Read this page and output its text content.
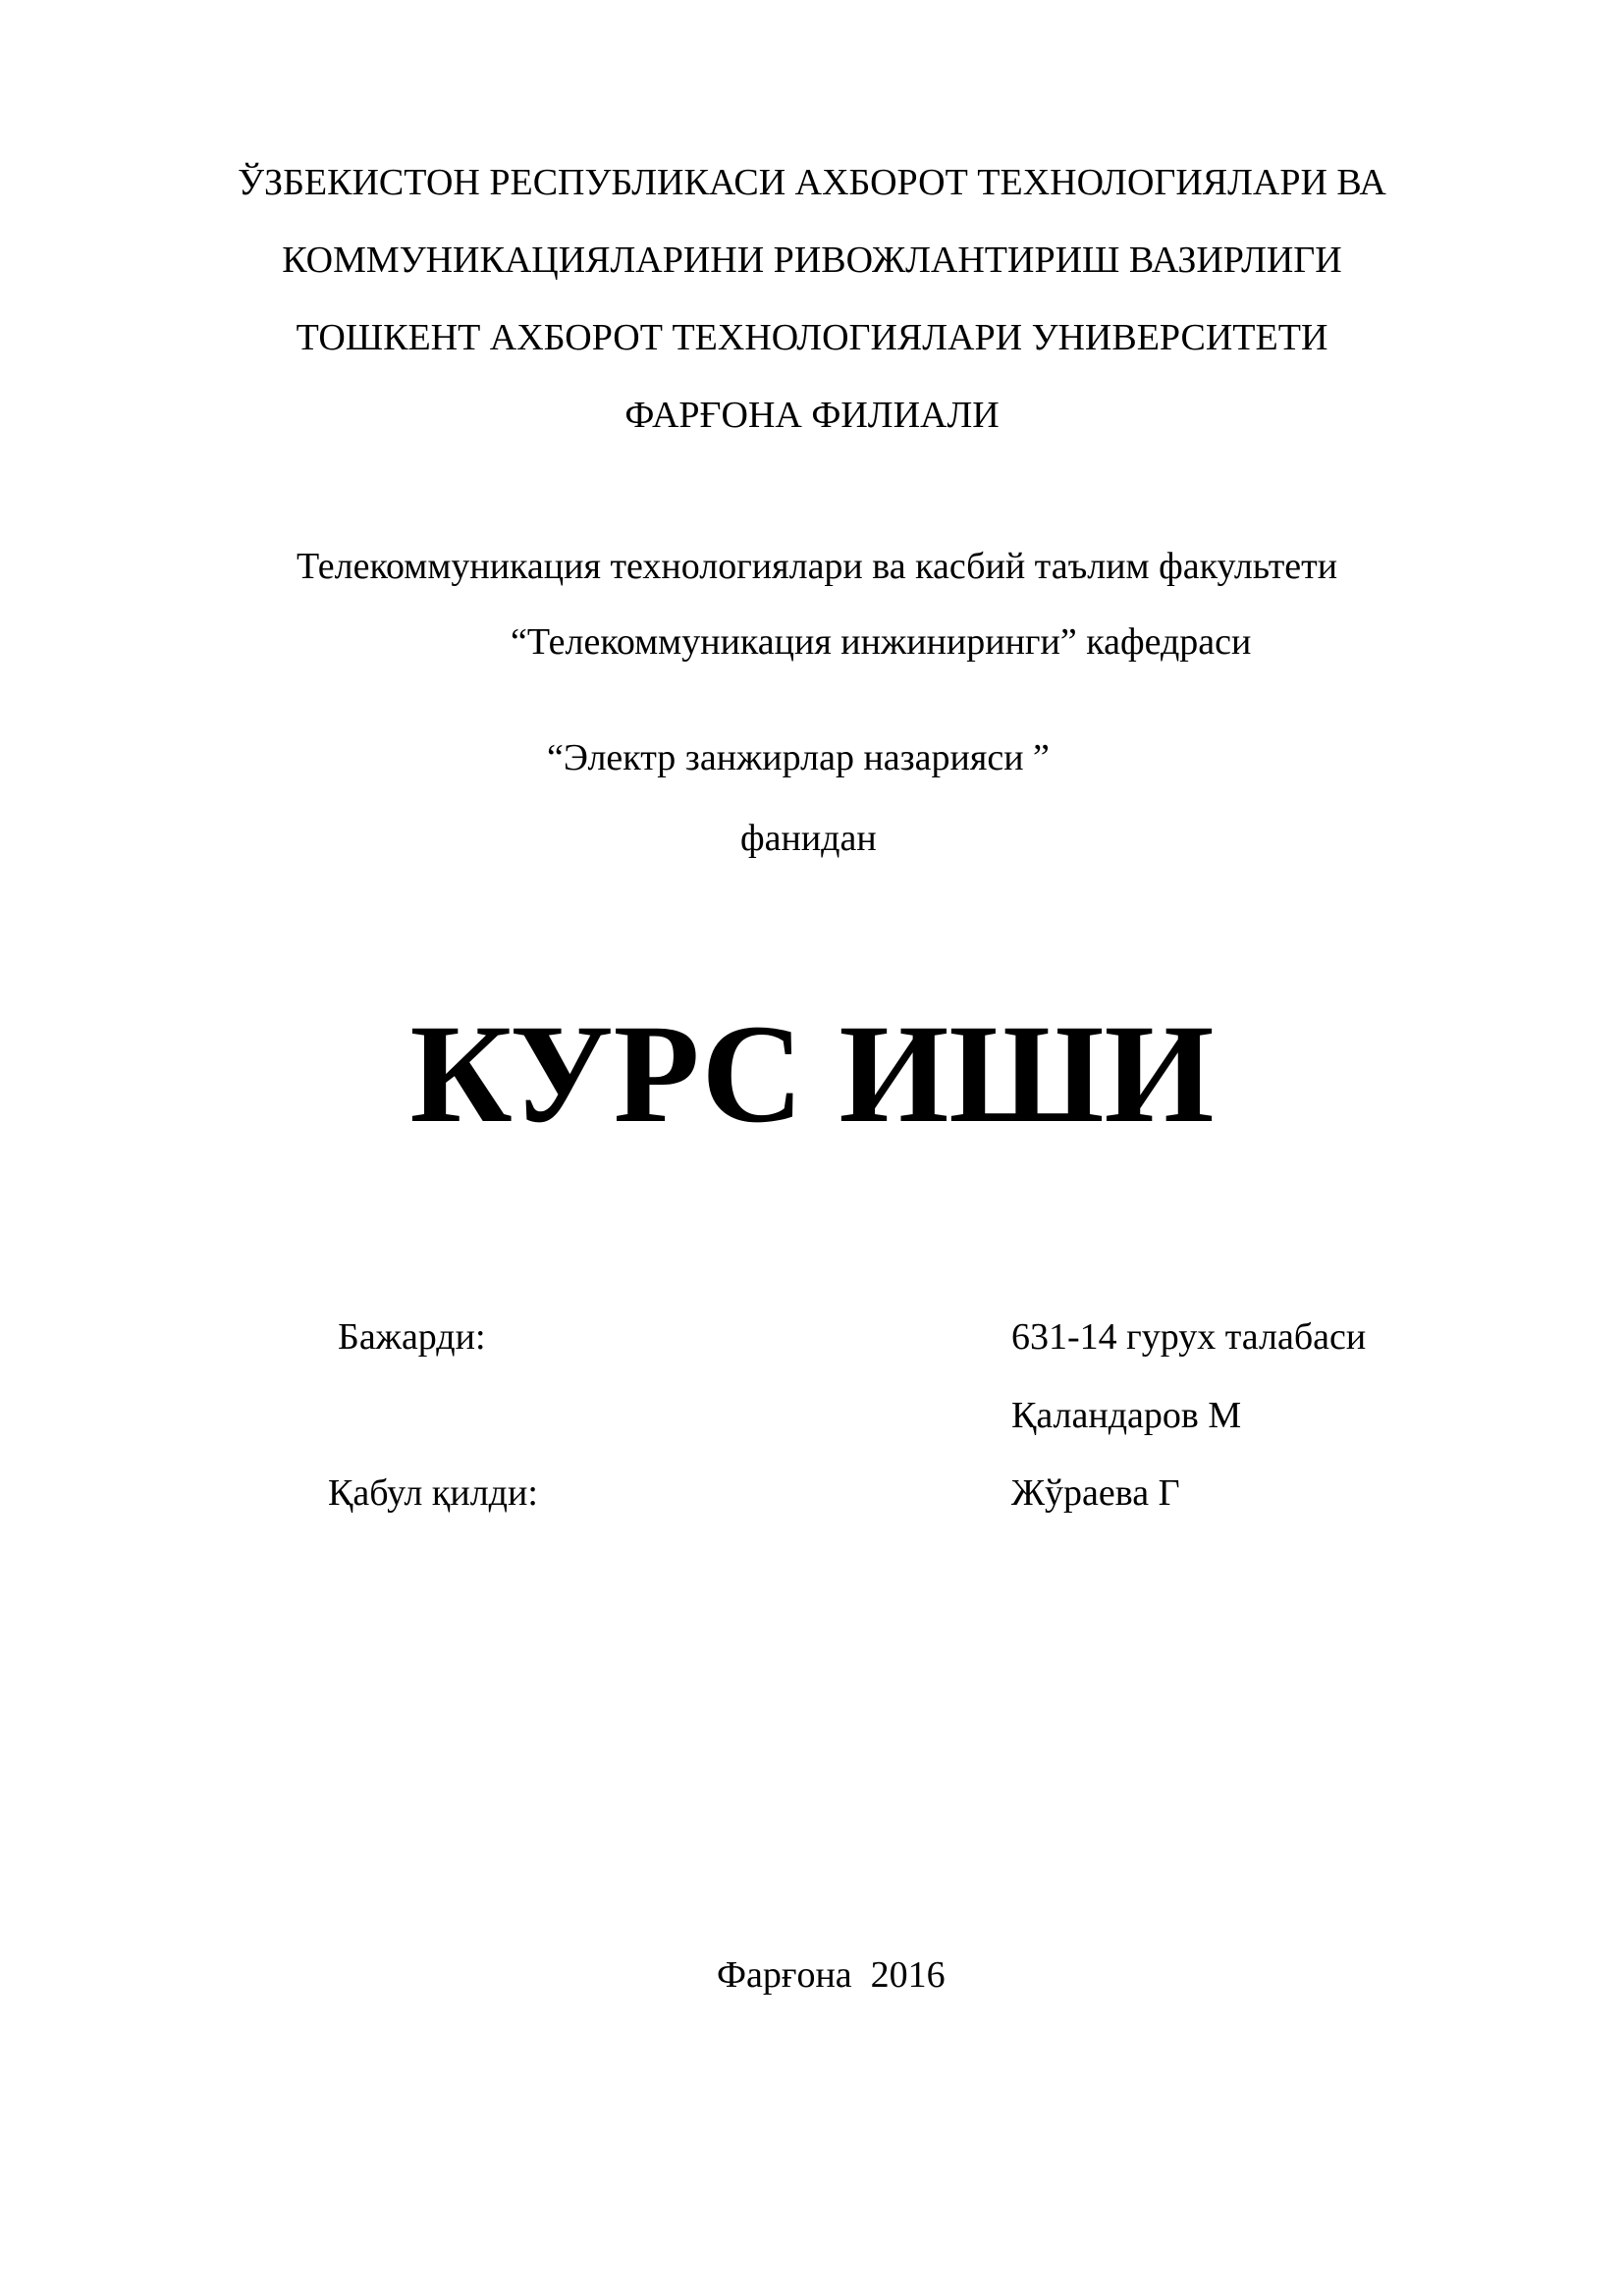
ЎЗБЕКИСТОН РЕСПУБЛИКАСИ АХБОРОТ ТЕХНОЛОГИЯЛАРИ ВА
КОММУНИКАЦИЯЛАРИНИ РИВОЖЛАНТИРИШ ВАЗИРЛИГИ
ТОШКЕНТ АХБОРОТ ТЕХНОЛОГИЯЛАРИ УНИВЕРСИТЕТИ
ФАРҒОНА ФИЛИАЛИ
Телекоммуникация технологиялари ва касбий таълим факультети
“Телекоммуникация инжиниринги” кафедраси
“Электр занжирлар назарияси ”
фанидан
КУРС ИШИ
Бажарди:	631-14 гурух талабаси
Қаландаров М
Қабул қилди:	Жўраева Г
Фарғона  2016
